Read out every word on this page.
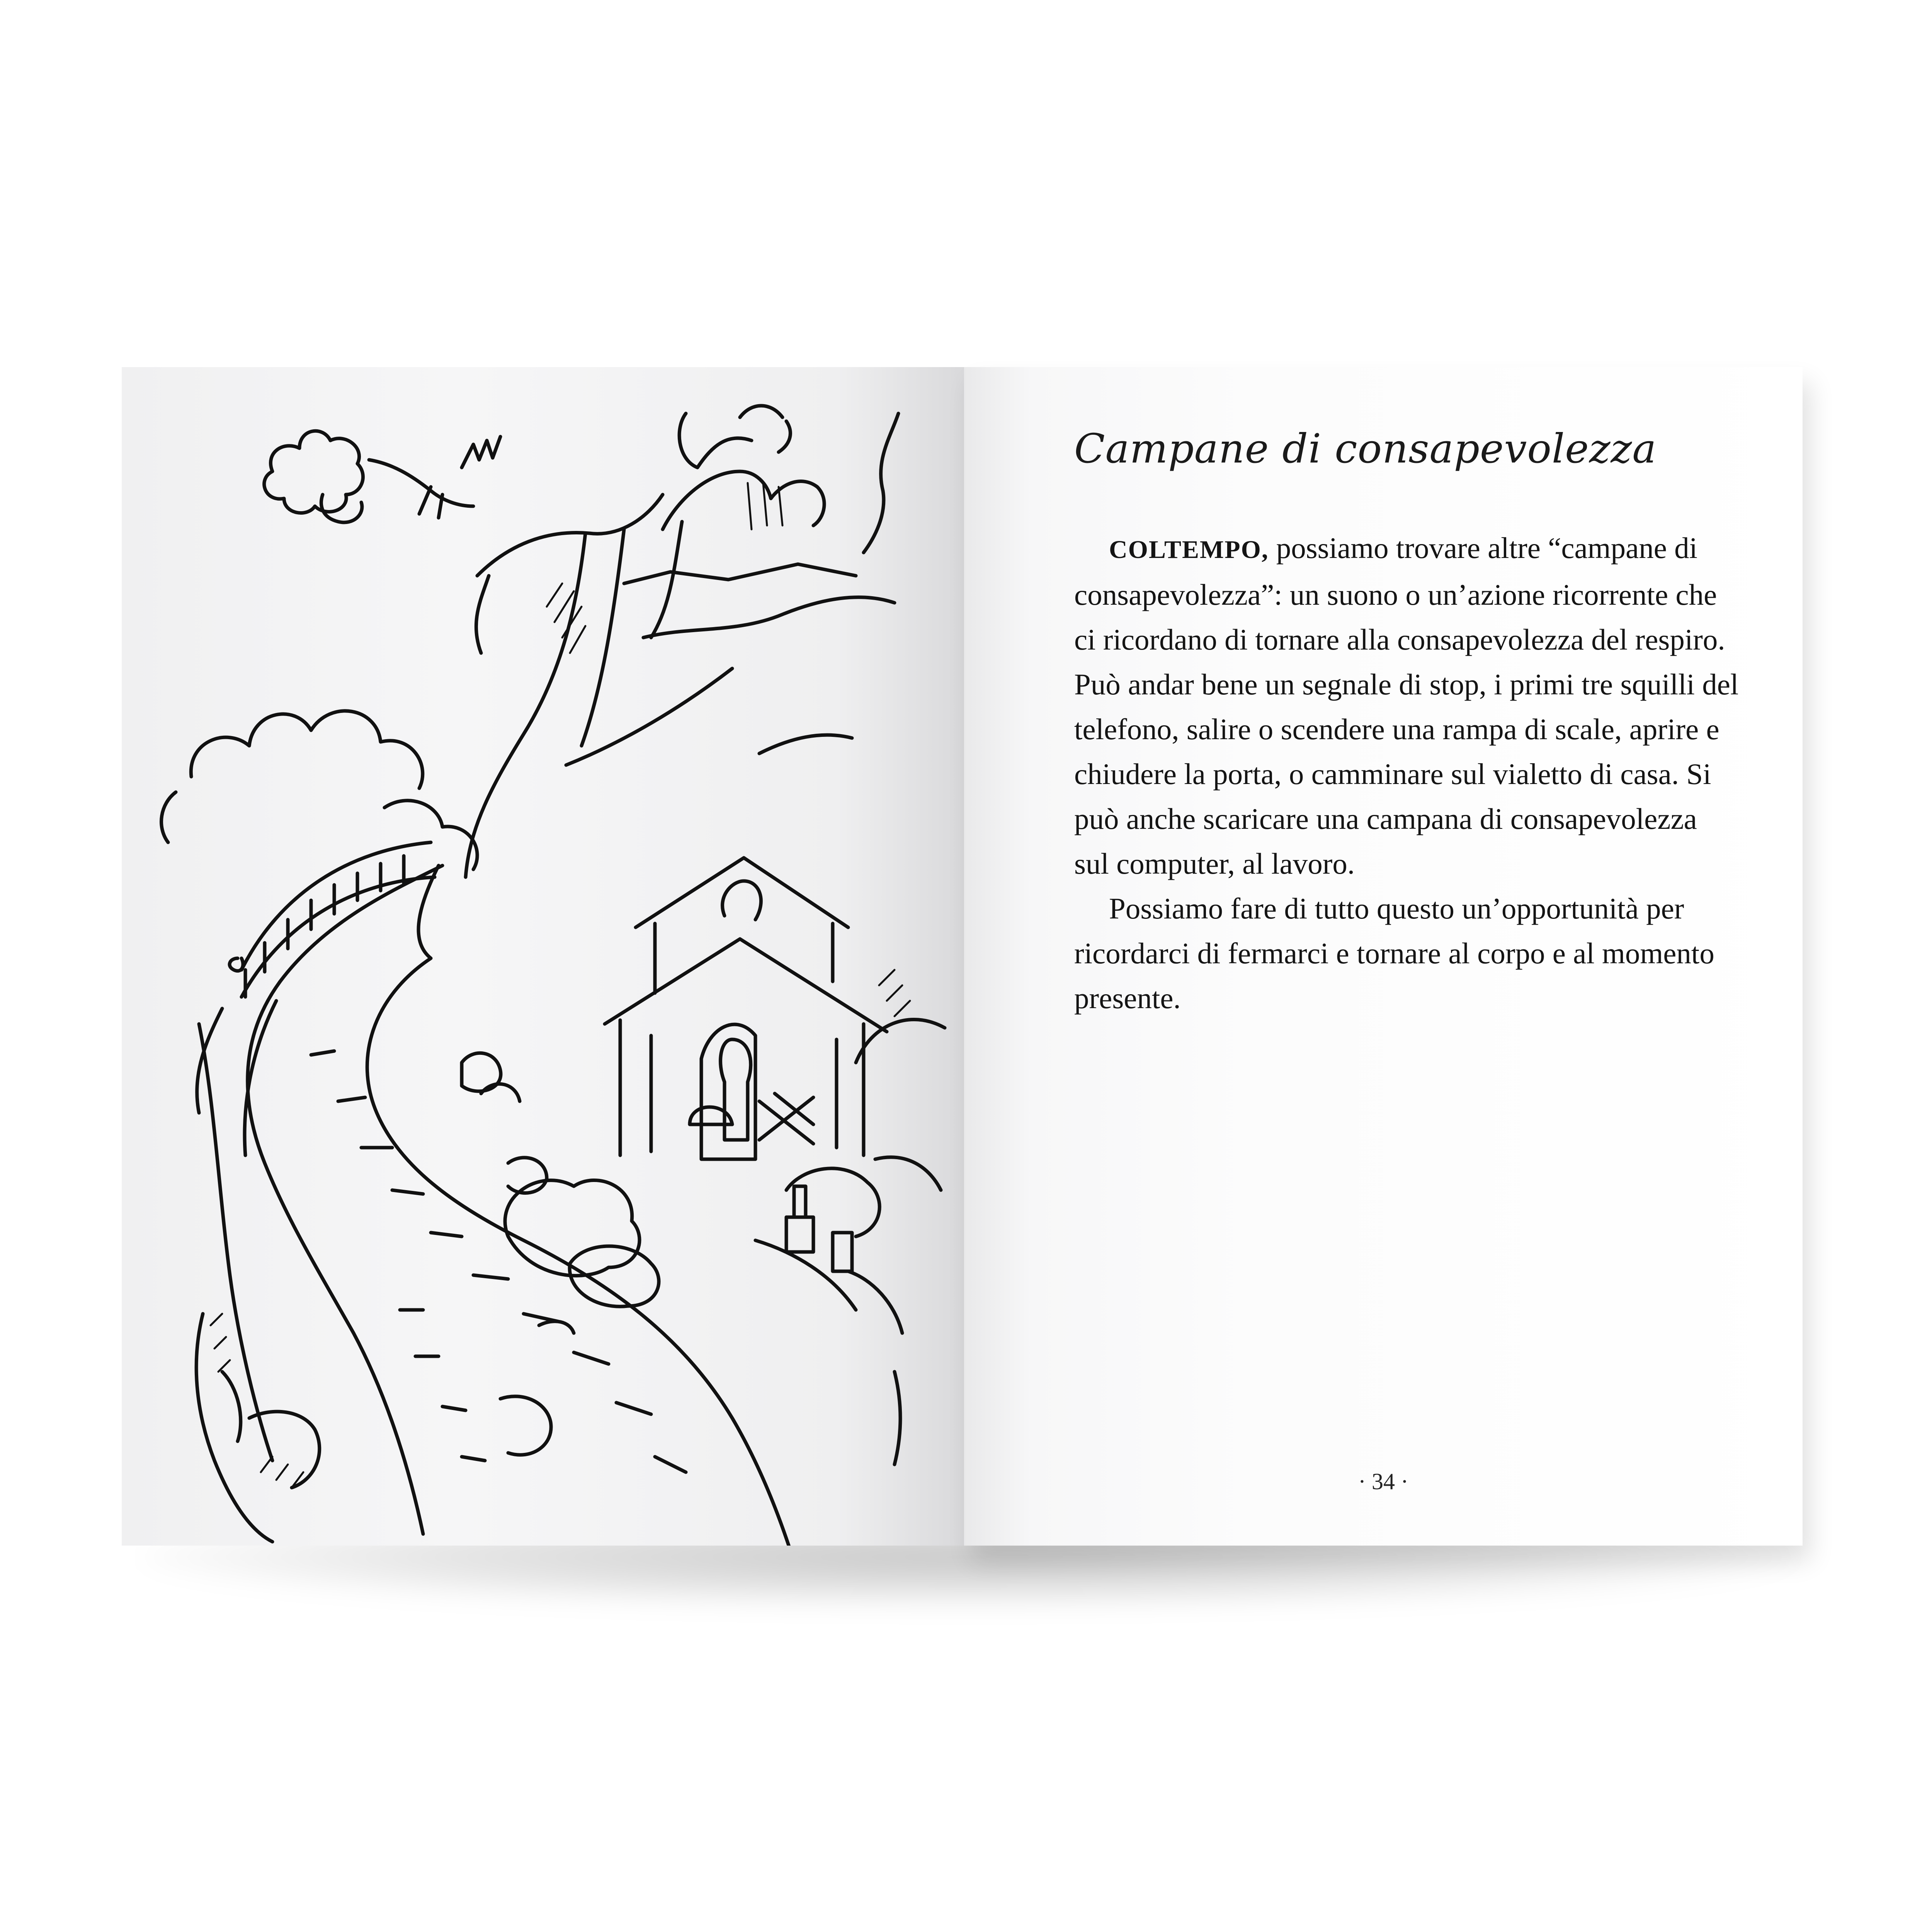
Campane di consapevolezza

COLTEMPO, possiamo trovare altre “campane di consapevolezza”: un suono o un’azione ricorrente che ci ricordano di tornare alla consapevolezza del respiro. Può andar bene un segnale di stop, i primi tre squilli del telefono, salire o scendere una rampa di scale, aprire e chiudere la porta, o camminare sul vialetto di casa. Si può anche scaricare una campana di consapevolezza sul computer, al lavoro.

Possiamo fare di tutto questo un’opportunità per ricordarci di fermarci e tornare al corpo e al momento presente.

· 34 ·
